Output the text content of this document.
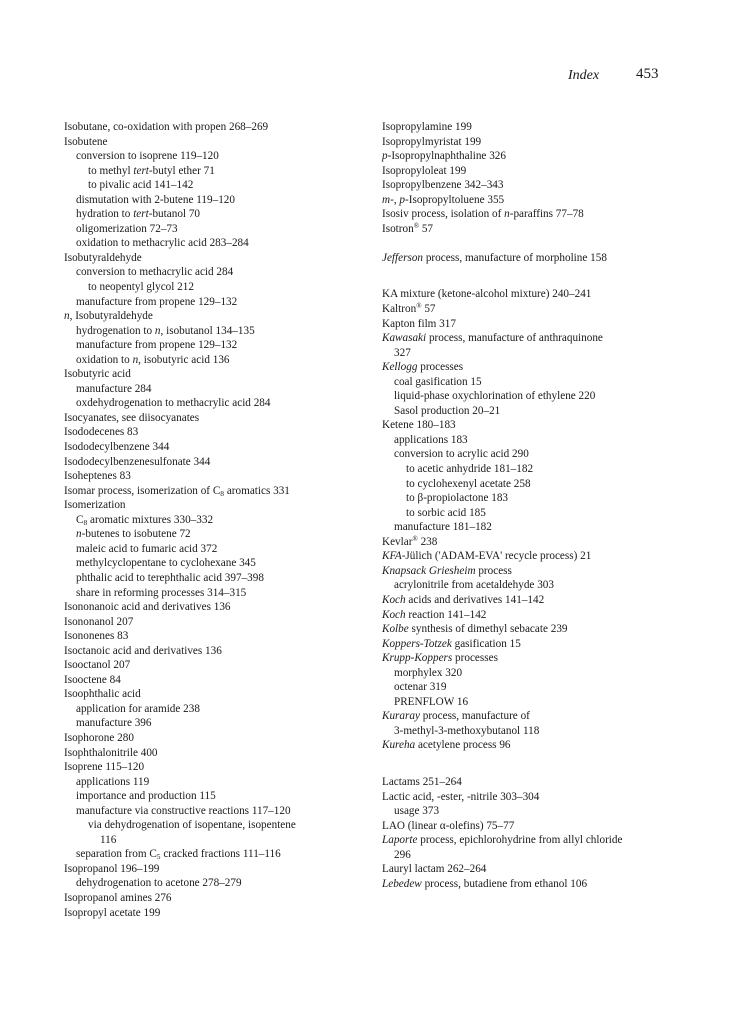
Index 453
Isobutane, co-oxidation with propen 268–269
Isobutene
conversion to isoprene 119–120
to methyl tert-butyl ether 71
to pivalic acid 141–142
dismutation with 2-butene 119–120
hydration to tert-butanol 70
oligomerization 72–73
oxidation to methacrylic acid 283–284
Isobutyraldehyde
conversion to methacrylic acid 284
to neopentyl glycol 212
manufacture from propene 129–132
n, Isobutyraldehyde
hydrogenation to n, isobutanol 134–135
manufacture from propene 129–132
oxidation to n, isobutyric acid 136
Isobutyric acid
manufacture 284
oxdehydrogenation to methacrylic acid 284
Isocyanates, see diisocyanates
Isododecenes 83
Isododecylbenzene 344
Isododecylbenzenesulfonate 344
Isoheptenes 83
Isomar process, isomerization of $C_8$ aromatics 331
Isomerization
$C_8$ aromatic mixtures 330–332
n-butenes to isobutene 72
maleic acid to fumaric acid 372
methylcyclopentane to cyclohexane 345
phthalic acid to terephthalic acid 397–398
share in reforming processes 314–315
Isononanoic acid and derivatives 136
Isononanol 207
Isononenes 83
Isoctanoic acid and derivatives 136
Isooctanol 207
Isooctene 84
Isoophthalic acid
application for aramide 238
manufacture 396
Isophorone 280
Isophthalonitrile 400
Isoprene 115–120
applications 119
importance and production 115
manufacture via constructive reactions 117–120
via dehydrogenation of isopentane, isopentene
116
separation from $C_5$ cracked fractions 111–116
Isopropanol 196–199
dehydrogenation to acetone 278–279
Isopropanol amines 276
Isopropyl acetate 199
Isopropylamine 199
Isopropylmyristat 199
p-Isopropylnaphthaline 326
Isopropyloleat 199
Isopropylbenzene 342–343
m-, p-Isopropyltoluene 355
Isosiv process, isolation of n-paraffins 77–78
Isotron® 57
Jefferson process, manufacture of morpholine 158
KA mixture (ketone-alcohol mixture) 240–241
Kaltron® 57
Kapton film 317
Kawasaki process, manufacture of anthraquinone
327
Kellogg processes
coal gasification 15
liquid-phase oxychlorination of ethylene 220
Sasol production 20–21
Ketene 180–183
applications 183
conversion to acrylic acid 290
to acetic anhydride 181–182
to cyclohexenyl acetate 258
to β-propiolactone 183
to sorbic acid 185
manufacture 181–182
Kevlar® 238
KFA-Jülich ('ADAM-EVA' recycle process) 21
Knapsack Griesheim process
acrylonitrile from acetaldehyde 303
Koch acids and derivatives 141–142
Koch reaction 141–142
Kolbe synthesis of dimethyl sebacate 239
Koppers-Totzek gasification 15
Krupp-Koppers processes
morphylex 320
octenar 319
PRENFLOW 16
Kuraray process, manufacture of
3-methyl-3-methoxybutanol 118
Kureha acetylene process 96
Lactams 251–264
Lactic acid, -ester, -nitrile 303–304
usage 373
LAO (linear α-olefins) 75–77
Laporte process, epichlorohydrine from allyl chloride
296
Lauryl lactam 262–264
Lebedew process, butadiene from ethanol 106
